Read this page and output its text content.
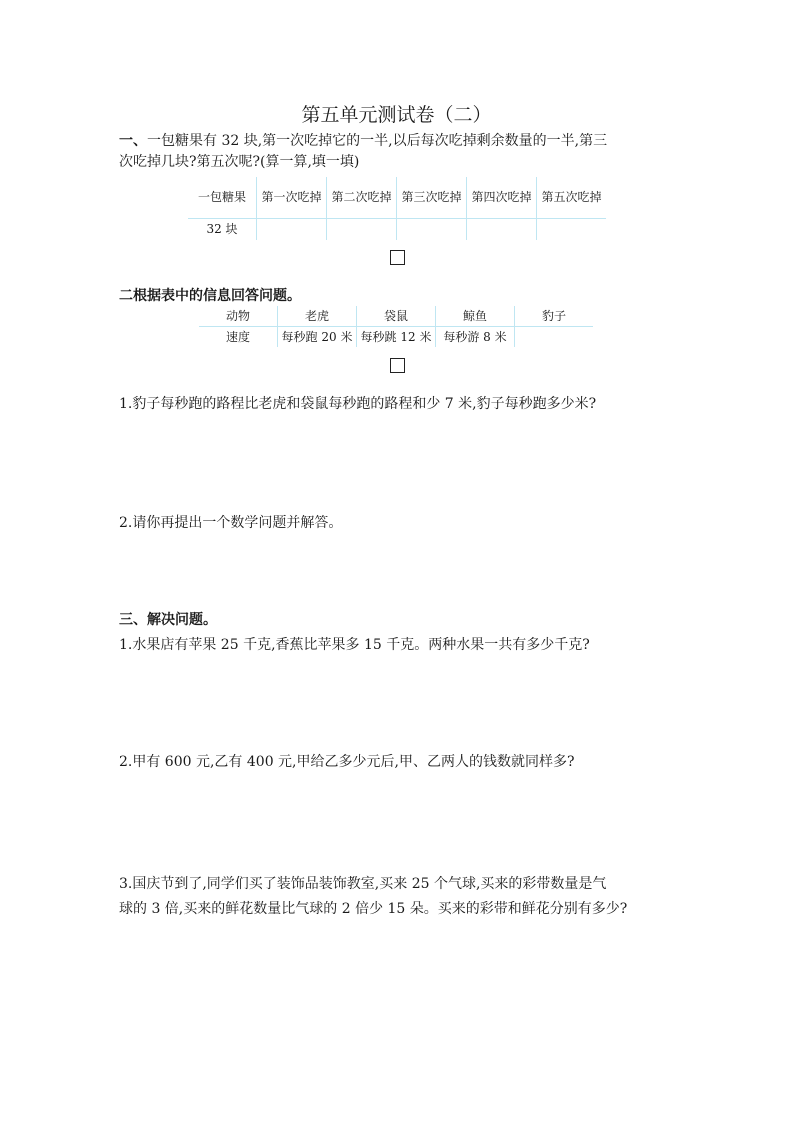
第五单元测试卷（二）
一、一包糖果有 32 块,第一次吃掉它的一半,以后每次吃掉剩余数量的一半,第三
次吃掉几块?第五次呢?(算一算,填一填)
一包糖果	第一次吃掉	第二次吃掉	第三次吃掉	第四次吃掉	第五次吃掉
32 块					
二根据表中的信息回答问题。
动物	老虎	袋鼠	鲸鱼	豹子
速度	每秒跑 20 米	每秒跳 12 米	每秒游 8 米	
1.豹子每秒跑的路程比老虎和袋鼠每秒跑的路程和少 7 米,豹子每秒跑多少米?
2.请你再提出一个数学问题并解答。
三、解决问题。
1.水果店有苹果 25 千克,香蕉比苹果多 15 千克。两种水果一共有多少千克?
2.甲有 600 元,乙有 400 元,甲给乙多少元后,甲、乙两人的钱数就同样多?
3.国庆节到了,同学们买了装饰品装饰教室,买来 25 个气球,买来的彩带数量是气
球的 3 倍,买来的鲜花数量比气球的 2 倍少 15 朵。买来的彩带和鲜花分别有多少?
